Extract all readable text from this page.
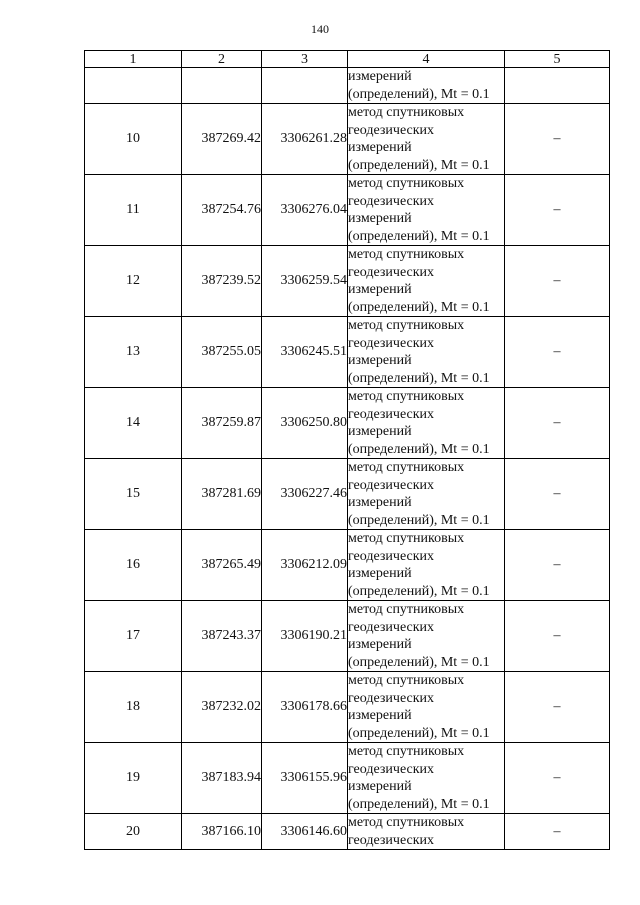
140
1	2	3	4	5

			измерений
(определений), Mt = 0.1	

10	387269.42	3306261.28	метод спутниковых
геодезических
измерений
(определений), Mt = 0.1	–
11	387254.76	3306276.04	метод спутниковых
геодезических
измерений
(определений), Mt = 0.1	–
12	387239.52	3306259.54	метод спутниковых
геодезических
измерений
(определений), Mt = 0.1	–
13	387255.05	3306245.51	метод спутниковых
геодезических
измерений
(определений), Mt = 0.1	–
14	387259.87	3306250.80	метод спутниковых
геодезических
измерений
(определений), Mt = 0.1	–
15	387281.69	3306227.46	метод спутниковых
геодезических
измерений
(определений), Mt = 0.1	–
16	387265.49	3306212.09	метод спутниковых
геодезических
измерений
(определений), Mt = 0.1	–
17	387243.37	3306190.21	метод спутниковых
геодезических
измерений
(определений), Mt = 0.1	–
18	387232.02	3306178.66	метод спутниковых
геодезических
измерений
(определений), Mt = 0.1	–
19	387183.94	3306155.96	метод спутниковых
геодезических
измерений
(определений), Mt = 0.1	–
20	387166.10	3306146.60	метод спутниковых
геодезических	–
